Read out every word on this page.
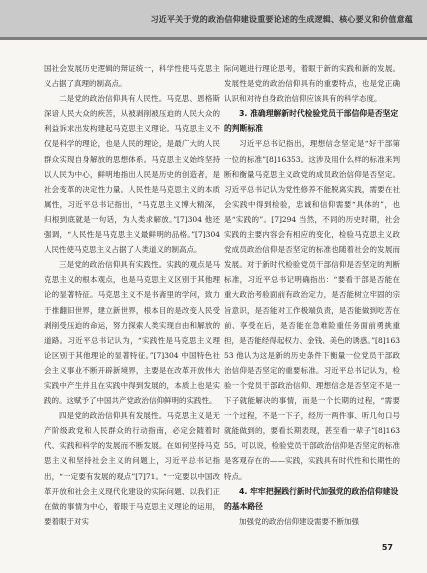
习近平关于党的政治信仰建设重要论述的生成逻辑、核心要义和价值意蕴

国社会发展历史逻辑的辩证统一，科学性使马克思主义占据了真理的制高点。

二是党的政治信仰具有人民性。马克思、恩格斯深谙人民大众的疾苦，从被剥削被压迫的人民大众的利益诉求出发构建起马克思主义理论。马克思主义不仅是科学的理论，也是人民的理论，是最广大的人民群众实现自身解放的思想体系。马克思主义始终坚持以人民为中心，鲜明地指出人民是历史的创造者，是社会变革的决定性力量。人民性是马克思主义的本质属性，习近平总书记指出，“马克思主义博大精深，归根到底就是一句话，为人类求解放。”[7]304 他还强调，“人民性是马克思主义最鲜明的品格。”[7]304 人民性使马克思主义占据了人类道义的制高点。

三是党的政治信仰具有实践性。实践的观点是马克思主义的根本观点，也是马克思主义区别于其他理论的显著特征。马克思主义不是书斋里的学问，致力于推翻旧世界，建立新世界，根本目的是改变人民受剥削受压迫的命运，努力探索人类实现自由和解放的道路。习近平总书记认为，“实践性是马克思主义理论区别于其他理论的显著特征。”[7]304 中国特色社会主义事业不断开辟新境界，主要是在改革开放伟大实践中产生并且在实践中得到发展的，本质上也是实践的。这赋予了中国共产党政治信仰鲜明的实践性。

四是党的政治信仰具有发展性。马克思主义是无产阶级政党和人民群众的行动指南，必定会随着时代、实践和科学的发展而不断发展。在如何坚持马克思主义和坚持社会主义的问题上，习近平总书记指出，“一定要有发展的观点”[7]71。“一定要以中国改革开放和社会主义现代化建设的实际问题、以我们正在做的事情为中心，着眼于马克思主义理论的运用，要着眼于对实

际问题进行理论思考，着眼于新的实践和新的发展。发展性是党的政治信仰具有的重要特点，也是党正确认识和对待自身政治信仰应该具有的科学态度。

3. 准确理解新时代检验党员干部信仰是否坚定的判断标准

习近平总书记指出，理想信念坚定是“好干部第一位的标准”[8]16353。这涉及用什么样的标准来判断和衡量马克思主义政党的成员政治信仰是否坚定。习近平总书记认为党性修养不能脱离实践，需要在社会实践中得到检验，忠诚和信仰需要“具体的”，也是“实践的”。[7]294 当然，不同的历史时期，社会实践的主要内容会有相应的变化，检验马克思主义政党成员政治信仰是否坚定的标准也随着社会的发展而发展。对于新时代检验党员干部信仰是否坚定的判断标准，习近平总书记明确指出：“要看干部是否能在重大政治考验面前有政治定力，是否能树立牢固的宗旨意识，是否能对工作极端负责，是否能做到吃苦在前、享受在后，是否能在急难险重任务面前勇挑重担，是否能经得起权力、金钱、美色的诱惑。”[8]16353 他认为这是新的历史条件下衡量一位党员干部政治信仰是否坚定的重要标准。习近平总书记认为，检验一个党员干部政治信仰、理想信念是否坚定不是一下子就能解决的事情，而是一个长期的过程，“需要一个过程，不是一下子，经历一两件事、听几句口号就能做到的，要看长期表现，甚至看一辈子”[8]16355。可以说，检验党员干部政治信仰是否坚定的标准是客观存在的——实践，实践具有时代性和长期性的特点。

4. 牢牢把握践行新时代加强党的政治信仰建设的基本路径

加强党的政治信仰建设需要不断加强

57
